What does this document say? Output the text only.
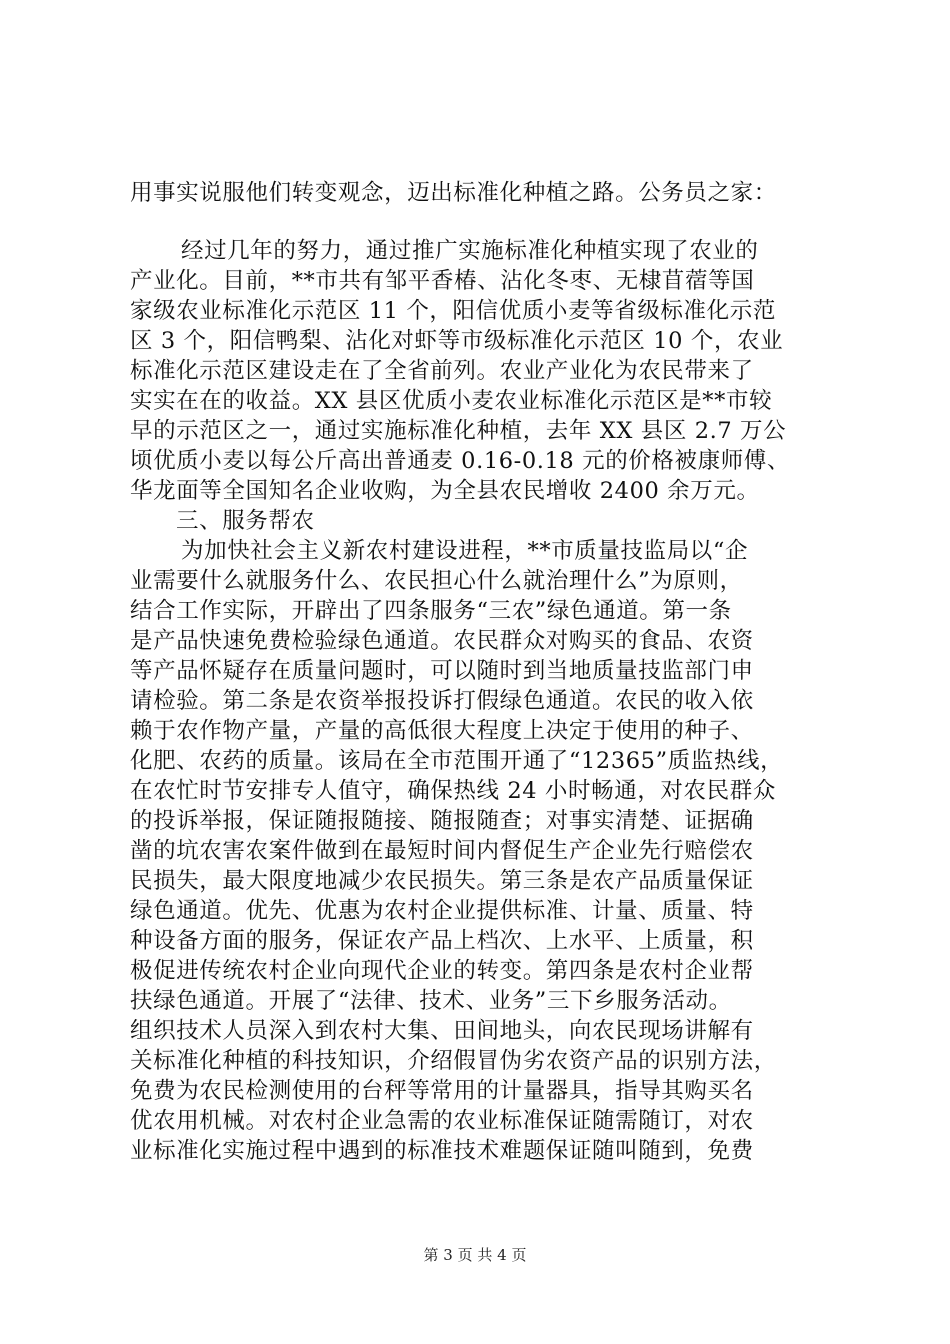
用事实说服他们转变观念，迈出标准化种植之路。公务员之家：
经过几年的努力，通过推广实施标准化种植实现了农业的
产业化。目前，**市共有邹平香椿、沾化冬枣、无棣苜蓿等国
家级农业标准化示范区 11 个，阳信优质小麦等省级标准化示范
区 3 个，阳信鸭梨、沾化对虾等市级标准化示范区 10 个，农业
标准化示范区建设走在了全省前列。农业产业化为农民带来了
实实在在的收益。XX 县区优质小麦农业标准化示范区是**市较
早的示范区之一，通过实施标准化种植，去年 XX 县区 2.7 万公
顷优质小麦以每公斤高出普通麦 0.16-0.18 元的价格被康师傅、
华龙面等全国知名企业收购，为全县农民增收 2400 余万元。
三、服务帮农
为加快社会主义新农村建设进程，**市质量技监局以“企
业需要什么就服务什么、农民担心什么就治理什么”为原则，
结合工作实际，开辟出了四条服务“三农”绿色通道。第一条
是产品快速免费检验绿色通道。农民群众对购买的食品、农资
等产品怀疑存在质量问题时，可以随时到当地质量技监部门申
请检验。第二条是农资举报投诉打假绿色通道。农民的收入依
赖于农作物产量，产量的高低很大程度上决定于使用的种子、
化肥、农药的质量。该局在全市范围开通了“12365”质监热线，
在农忙时节安排专人值守，确保热线 24 小时畅通，对农民群众
的投诉举报，保证随报随接、随报随查；对事实清楚、证据确
凿的坑农害农案件做到在最短时间内督促生产企业先行赔偿农
民损失，最大限度地减少农民损失。第三条是农产品质量保证
绿色通道。优先、优惠为农村企业提供标准、计量、质量、特
种设备方面的服务，保证农产品上档次、上水平、上质量，积
极促进传统农村企业向现代企业的转变。第四条是农村企业帮
扶绿色通道。开展了“法律、技术、业务”三下乡服务活动。
组织技术人员深入到农村大集、田间地头，向农民现场讲解有
关标准化种植的科技知识，介绍假冒伪劣农资产品的识别方法，
免费为农民检测使用的台秤等常用的计量器具，指导其购买名
优农用机械。对农村企业急需的农业标准保证随需随订，对农
业标准化实施过程中遇到的标准技术难题保证随叫随到，免费
第 3 页 共 4 页
